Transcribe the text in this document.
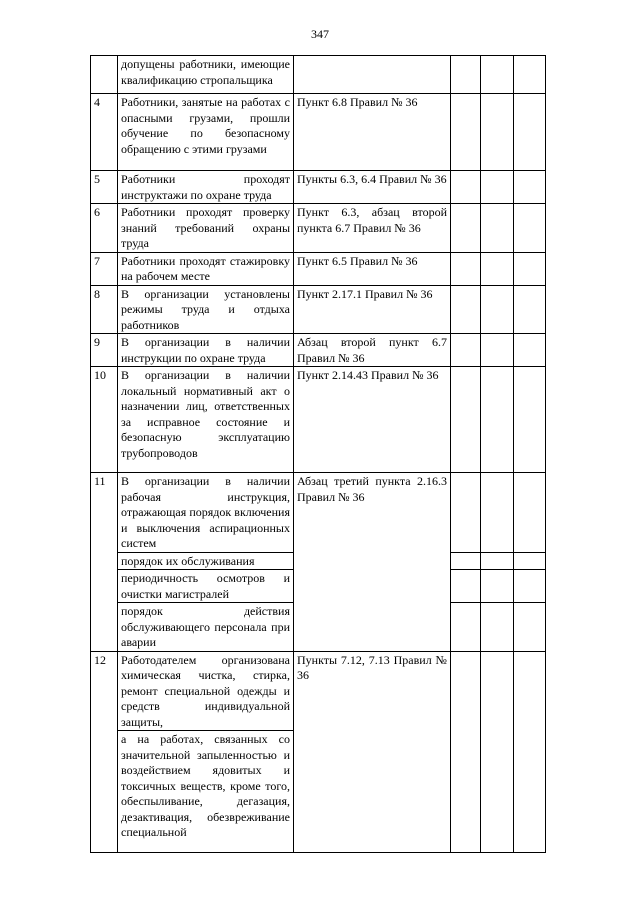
347
	допущены работники, имеющие квалификацию стропальщика				
4	Работники, занятые на работах с опасными грузами, прошли обучение по безопасному обращению с этими грузами	Пункт 6.8 Правил № 36			
5	Работники проходят инструктажи по охране труда	Пункты 6.3, 6.4 Правил № 36			
6	Работники проходят проверку знаний требований охраны труда	Пункт 6.3, абзац второй пункта 6.7 Правил № 36			
7	Работники проходят стажировку на рабочем месте	Пункт 6.5 Правил № 36			
8	В организации установлены режимы труда и отдыха работников	Пункт 2.17.1 Правил № 36			
9	В организации в наличии инструкции по охране труда	Абзац второй пункт 6.7 Правил № 36			
10	В организации в наличии локальный нормативный акт о назначении лиц, ответственных за исправное состояние и безопасную эксплуатацию трубопроводов	Пункт 2.14.43 Правил № 36			
11	В организации в наличии рабочая инструкция, отражающая порядок включения и выключения аспирационных систем	Абзац третий пункта 2.16.3 Правил № 36			
	порядок их обслуживания				
	периодичность осмотров и очистки магистралей				
	порядок действия обслуживающего персонала при аварии				
12	Работодателем организована химическая чистка, стирка, ремонт специальной одежды и средств индивидуальной защиты,	Пункты 7.12, 7.13 Правил № 36			
	а на работах, связанных со значительной запыленностью и воздействием ядовитых и токсичных веществ, кроме того, обеспыливание, дегазация, дезактивация, обезвреживание специальной				
